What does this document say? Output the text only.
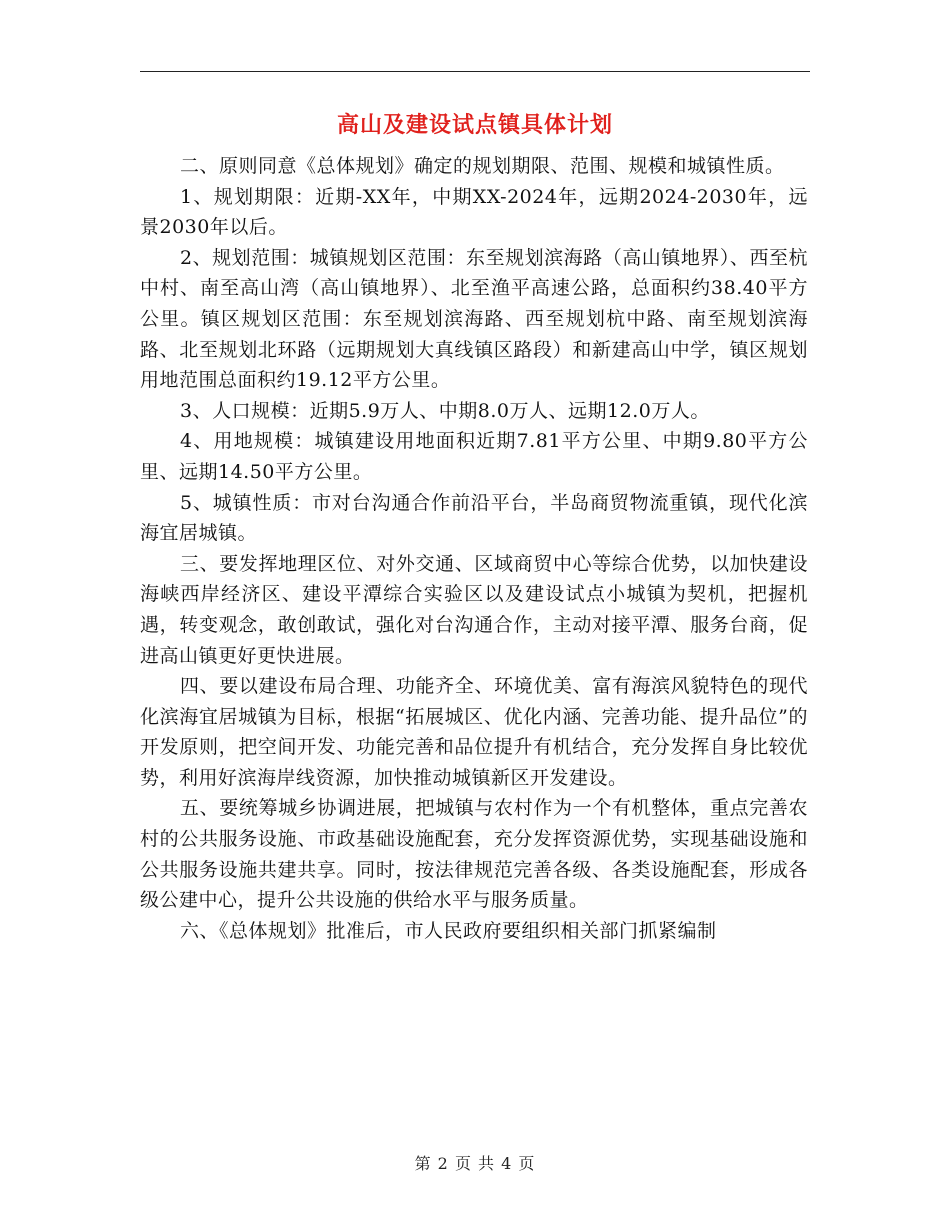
高山及建设试点镇具体计划

二、原则同意《总体规划》确定的规划期限、范围、规模和城镇性质。

1、规划期限：近期-XX年，中期XX-2024年，远期2024-2030年，远景2030年以后。

2、规划范围：城镇规划区范围：东至规划滨海路（高山镇地界）、西至杭中村、南至高山湾（高山镇地界）、北至渔平高速公路，总面积约38.40平方公里。镇区规划区范围：东至规划滨海路、西至规划杭中路、南至规划滨海路、北至规划北环路（远期规划大真线镇区路段）和新建高山中学，镇区规划用地范围总面积约19.12平方公里。

3、人口规模：近期5.9万人、中期8.0万人、远期12.0万人。

4、用地规模：城镇建设用地面积近期7.81平方公里、中期9.80平方公里、远期14.50平方公里。

5、城镇性质：市对台沟通合作前沿平台，半岛商贸物流重镇，现代化滨海宜居城镇。

三、要发挥地理区位、对外交通、区域商贸中心等综合优势，以加快建设海峡西岸经济区、建设平潭综合实验区以及建设试点小城镇为契机，把握机遇，转变观念，敢创敢试，强化对台沟通合作，主动对接平潭、服务台商，促进高山镇更好更快进展。

四、要以建设布局合理、功能齐全、环境优美、富有海滨风貌特色的现代化滨海宜居城镇为目标，根据“拓展城区、优化内涵、完善功能、提升品位”的开发原则，把空间开发、功能完善和品位提升有机结合，充分发挥自身比较优势，利用好滨海岸线资源，加快推动城镇新区开发建设。

五、要统筹城乡协调进展，把城镇与农村作为一个有机整体，重点完善农村的公共服务设施、市政基础设施配套，充分发挥资源优势，实现基础设施和公共服务设施共建共享。同时，按法律规范完善各级、各类设施配套，形成各级公建中心，提升公共设施的供给水平与服务质量。

六、《总体规划》批准后，市人民政府要组织相关部门抓紧编制

第 2 页 共 4 页
